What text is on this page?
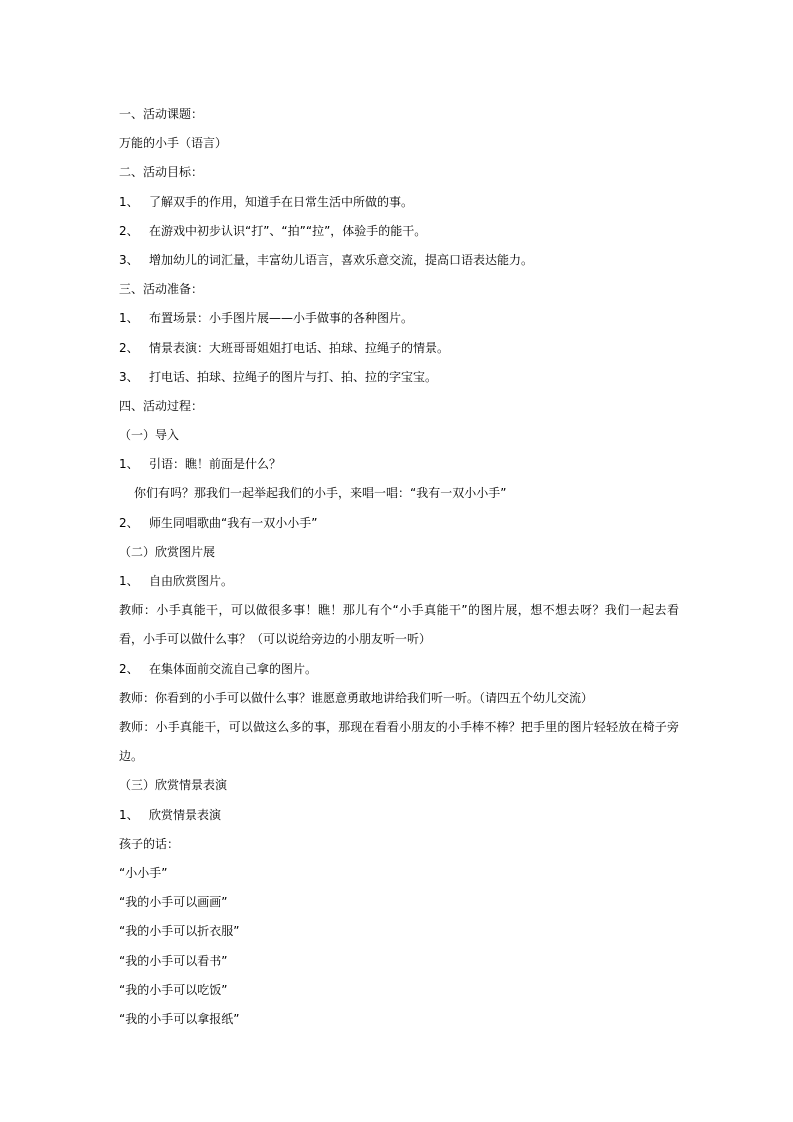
一、活动课题：
万能的小手（语言）
二、活动目标：
1、 了解双手的作用，知道手在日常生活中所做的事。
2、 在游戏中初步认识“打”、“拍”“拉”，体验手的能干。
3、 增加幼儿的词汇量，丰富幼儿语言，喜欢乐意交流，提高口语表达能力。
三、活动准备：
1、 布置场景：小手图片展——小手做事的各种图片。
2、 情景表演：大班哥哥姐姐打电话、拍球、拉绳子的情景。
3、 打电话、拍球、拉绳子的图片与打、拍、拉的字宝宝。
四、活动过程：
（一）导入
1、 引语：瞧！前面是什么？
你们有吗？那我们一起举起我们的小手，来唱一唱：“我有一双小小手”
2、 师生同唱歌曲“我有一双小小手”
（二）欣赏图片展
1、 自由欣赏图片。
教师：小手真能干，可以做很多事！瞧！那儿有个“小手真能干”的图片展，想不想去呀？我们一起去看看，小手可以做什么事？（可以说给旁边的小朋友听一听）
2、 在集体面前交流自己拿的图片。
教师：你看到的小手可以做什么事？谁愿意勇敢地讲给我们听一听。（请四五个幼儿交流）
教师：小手真能干，可以做这么多的事，那现在看看小朋友的小手棒不棒？把手里的图片轻轻放在椅子旁边。
（三）欣赏情景表演
1、 欣赏情景表演
孩子的话：
“小小手”
“我的小手可以画画”
“我的小手可以折衣服”
“我的小手可以看书”
“我的小手可以吃饭”
“我的小手可以拿报纸”
